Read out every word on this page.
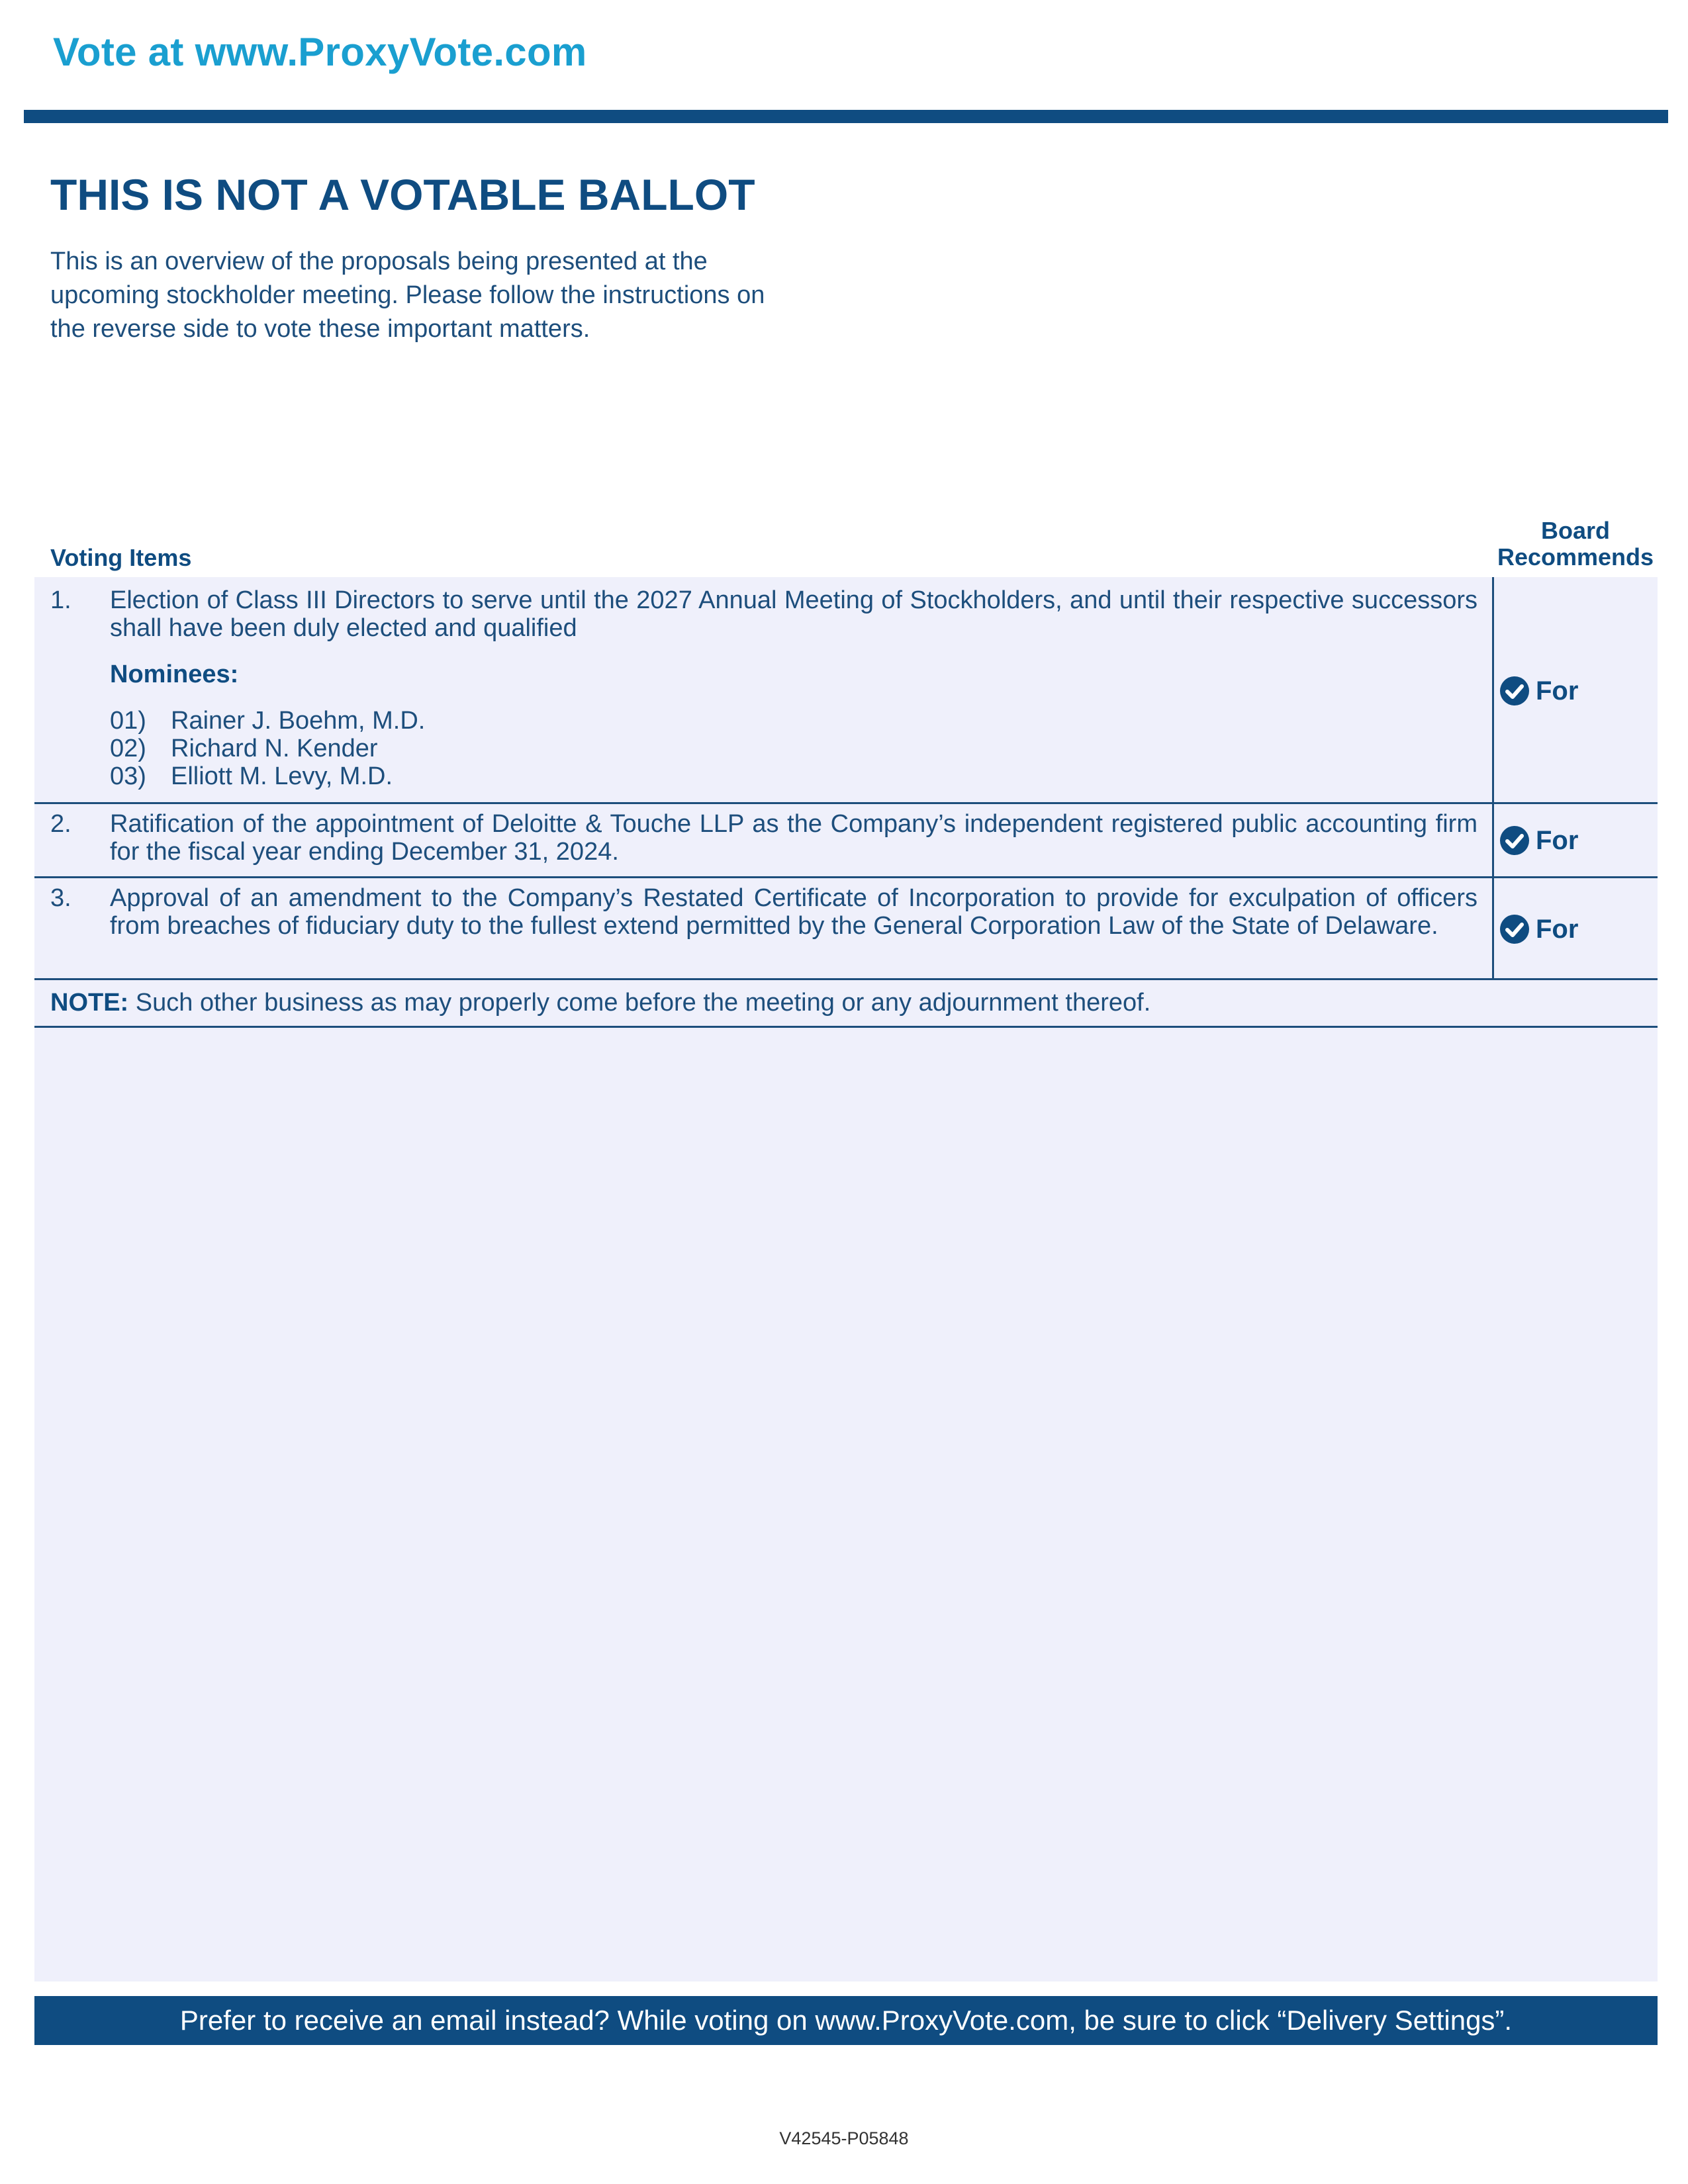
Vote at www.ProxyVote.com
THIS IS NOT A VOTABLE BALLOT
This is an overview of the proposals being presented at the
upcoming stockholder meeting. Please follow the instructions on
the reverse side to vote these important matters.
Voting Items
Board
Recommends
1. Election of Class III Directors to serve until the 2027 Annual Meeting of Stockholders, and until their respective successors shall have been duly elected and qualified
Nominees:
01) Rainer J. Boehm, M.D.
02) Richard N. Kender
03) Elliott M. Levy, M.D.
For
2. Ratification of the appointment of Deloitte & Touche LLP as the Company’s independent registered public accounting firm for the fiscal year ending December 31, 2024.	For
3. Approval of an amendment to the Company’s Restated Certificate of Incorporation to provide for exculpation of officers from breaches of fiduciary duty to the fullest extend permitted by the General Corporation Law of the State of Delaware.	For
NOTE: Such other business as may properly come before the meeting or any adjournment thereof.
Prefer to receive an email instead? While voting on www.ProxyVote.com, be sure to click “Delivery Settings”.
V42545-P05848
